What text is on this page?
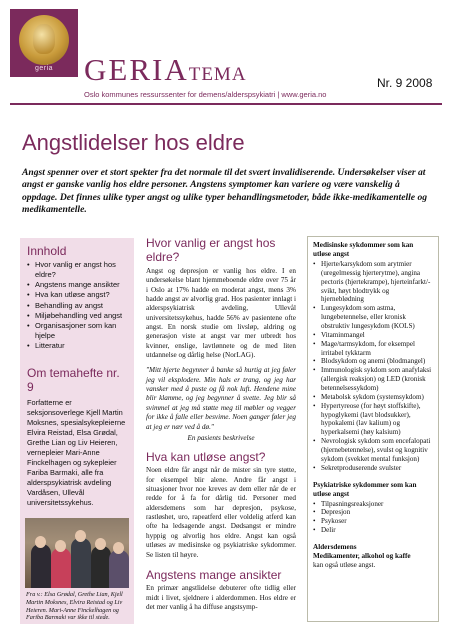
geria GERIATEMA	Nr. 9 2008
Oslo kommunes ressurssenter for demens/alderspsykiatri | www.geria.no
Angstlidelser hos eldre
Angst spenner over et stort spekter fra det normale til det svært invalidiserende. Undersøkelser viser at angst er ganske vanlig hos eldre personer. Angstens symptomer kan variere og være vanskelig å oppdage. Det finnes ulike typer angst og ulike typer behandlingsmetoder, både ikke-medikamentelle og medikamentelle.
Innhold
• Hvor vanlig er angst hos eldre?
• Angstens mange ansikter
• Hva kan utløse angst?
• Behandling av angst
• Miljøbehandling ved angst
• Organisasjoner som kan hjelpe
• Litteratur
Om temahefte nr. 9
Forfatterne er seksjonsoverlege Kjell Martin Moksnes, spesialsykepleierne Elvira Reistad, Elsa Grødal, Grethe Lian og Liv Heieren, vernepleier Mari-Anne Finckelhagen og sykepleier Fariba Barmaki, alle fra alderspsykiatrisk avdeling Vardåsen, Ullevål universitetssykehus.
Fra v.: Elsa Grødal, Grethe Lian, Kjell Martin Moksnes, Elvira Reistad og Liv Heieren. Mari-Anne Finckelhagen og Fariba Barmaki var ikke til stede.
Hvor vanlig er angst hos eldre?
Angst og depresjon er vanlig hos eldre. I en undersøkelse blant hjemmeboende eldre over 75 år i Oslo at 17% hadde en moderat angst, mens 3% hadde angst av alvorlig grad. Hos pasienter innlagt i alderspsykiatrisk avdeling, Ullevål universitetssykehus, hadde 56% av pasientene ofte angst. En norsk studie om livsløp, aldring og generasjon viste at angst var mer utbredt hos kvinner, enslige, lavtlønnete og de med liten utdannelse og dårlig helse (NorLAG).
"Mitt hjerte begynner å banke så hurtig at jeg føler jeg vil eksplodere. Min hals er trang, og jeg har vansker med å puste og få nok luft. Hendene mine blir klamme, og jeg begynner å svette. Jeg blir så svimmel at jeg må støtte meg til møbler og vegger for ikke å falle eller besvime. Noen ganger føler jeg at jeg er nær ved å dø."
En pasients beskrivelse
Hva kan utløse angst?
Noen eldre får angst når de mister sin tyre støtte, for eksempel blir alene. Andre får angst i situasjoner hvor noe kreves av dem eller når de er redde for å fa for dårlig tid. Personer med aldersdemens som har depresjon, psykose, rastløshet, uro, rapeatferd eller voldelig atferd kan ofte ha ledsagende angst. Dødsangst er mindre hyppig og alvorlig hos eldre. Angst kan også utløses av medisinske og psykiatriske sykdommer. Se listen til høyre.
Angstens mange ansikter
En primær angstlidelse debuterer ofte tidlig eller midt i livet, sjeldnere i alderdommen. Hos eldre er det mer vanlig å ha diffuse angstsymp-
Medisinske sykdommer som kan utløse angst
• Hjerte/karsykdom som arytmier (uregelmessig hjerterytme), angina pectoris (hjertekrampe), hjerteinfarkt/-svikt, høyt blodtrykk og hjerneblødning
• Lungesykdom som astma, lungebetennelse, eller kronisk obstruktiv lungesykdom (KOLS)
• Vitaminmangel
• Mage/tarmsykdom, for eksempel irritabel tykktarm
• Blodsykdom og anemi (blodmangel)
• Immunologisk sykdom som anafylaksi (allergisk reaksjon) og LED (kronisk betennelsessykdom)
• Metabolsk sykdom (systemsykdom)
• Hypertyreose (for høyt stoffskifte), hypoglykemi (lavt blodsukker), hypokalemi (lav kalium) og hyperkalsemi (høy kalsium)
• Nevrologisk sykdom som encefalopati (hjernebetennelse), svulst og kognitiv sykdom (svekket mental funksjon)
• Sekretproduserende svulster
Psykiatriske sykdommer som kan utløse angst
• Tilpasningsreaksjoner
• Depresjon
• Psykoser
• Delir
Aldersdemens
Medikamenter, alkohol og kaffe
kan også utløse angst.
